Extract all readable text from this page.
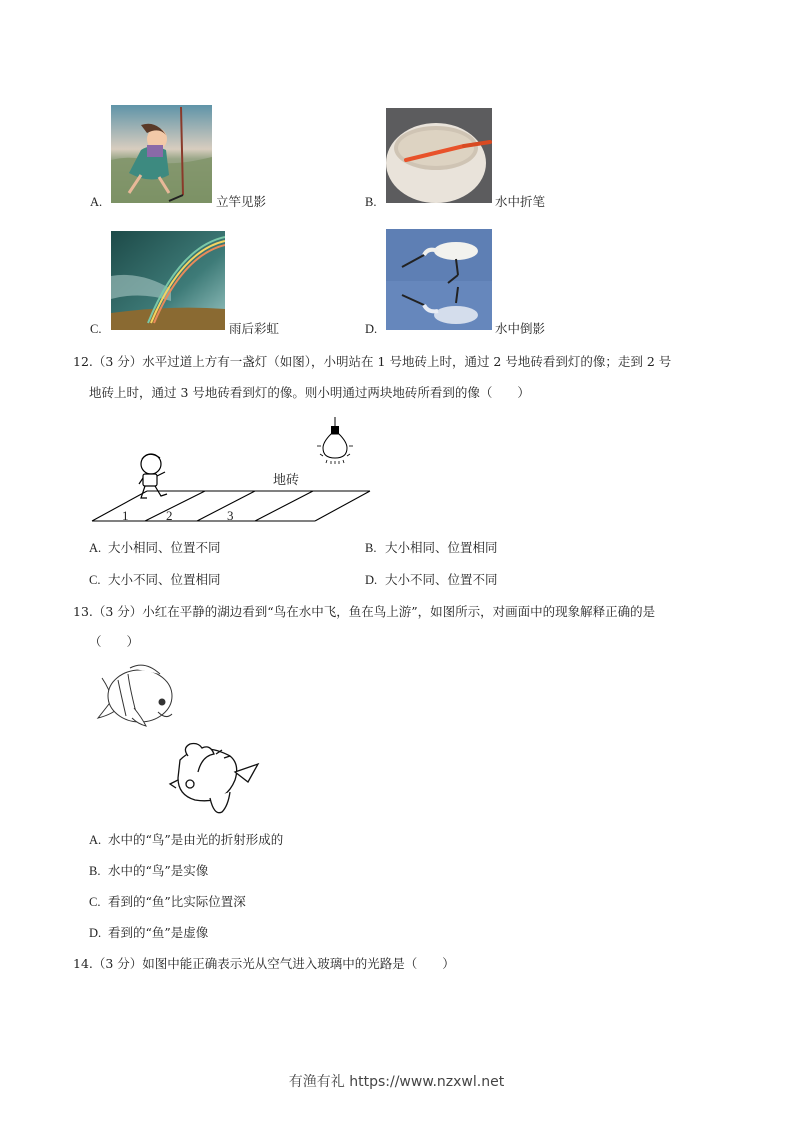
A.	立竿见影	B.	水中折笔
C.	雨后彩虹	D.	水中倒影
12.（3 分）水平过道上方有一盏灯（如图），小明站在 1 号地砖上时，通过 2 号地砖看到灯的像；走到 2 号
地砖上时，通过 3 号地砖看到灯的像。则小明通过两块地砖所看到的像（　　）
地砖
1	2	3
A. 大小相同、位置不同	B. 大小相同、位置相同
C. 大小不同、位置相同	D. 大小不同、位置不同
13.（3 分）小红在平静的湖边看到“鸟在水中飞，鱼在鸟上游”，如图所示，对画面中的现象解释正确的是
（　　）
A. 水中的“鸟”是由光的折射形成的
B. 水中的“鸟”是实像
C. 看到的“鱼”比实际位置深
D. 看到的“鱼”是虚像
14.（3 分）如图中能正确表示光从空气进入玻璃中的光路是（　　）
有渔有礼 https://www.nzxwl.net
